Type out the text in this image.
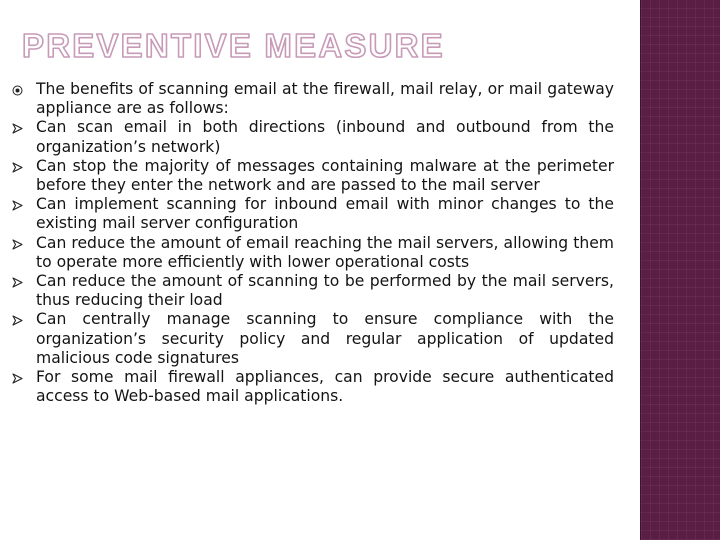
PREVENTIVE MEASURE
The benefits of scanning email at the firewall, mail relay, or mail gateway appliance are as follows:
Can scan email in both directions (inbound and outbound from the organization’s network)
Can stop the majority of messages containing malware at the perimeter before they enter the network and are passed to the mail server
Can implement scanning for inbound email with minor changes to the existing mail server configuration
Can reduce the amount of email reaching the mail servers, allowing them to operate more efficiently with lower operational costs
Can reduce the amount of scanning to be performed by the mail servers, thus reducing their load
Can centrally manage scanning to ensure compliance with the organization’s security policy and regular application of updated malicious code signatures
For some mail firewall appliances, can provide secure authenticated access to Web-based mail applications.
